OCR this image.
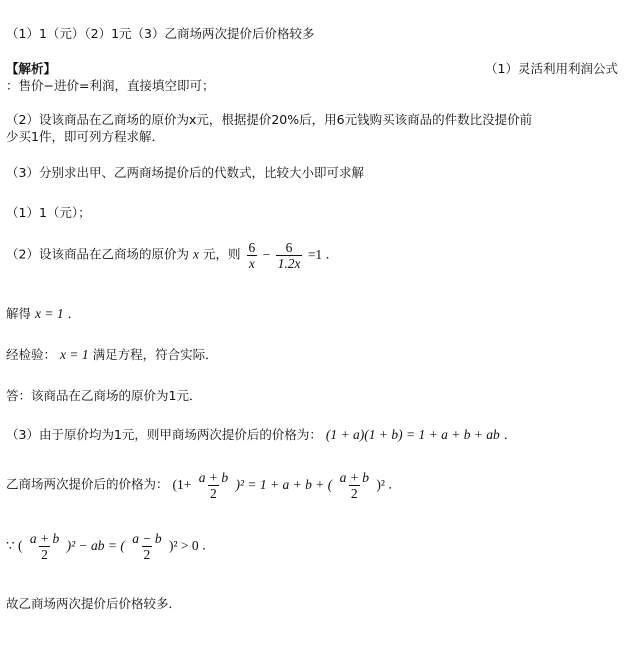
（1）1（元）（2）1元（3）乙商场两次提价后价格较多
【解析】	（1）灵活利用利润公式
：售价−进价=利润，直接填空即可；
（2）设该商品在乙商场的原价为x元，根据提价20%后，用6元钱购买该商品的件数比没提价前
少买1件，即可列方程求解．
（3）分别求出甲、乙两商场提价后的代数式，比较大小即可求解
（1）1（元）；
（2）设该商品在乙商场的原价为 x 元，则 $\frac{6}{x} - \frac{6}{1.2x} =1$ ．
解得 x = 1 ．
经检验： x = 1 满足方程，符合实际．
答：该商品在乙商场的原价为1元．
（3）由于原价均为1元，则甲商场两次提价后的价格为： (1 + a)(1 + b) = 1 + a + b + ab ．
乙商场两次提价后的价格为： $(1+ \frac{a + b}{2} )^2 = 1 + a + b$ + ( $\frac{a + b}{2} )^2$ ．
∵ ( $\frac{a + b}{2} )^2$ − ab = ( $\frac{a - b}{2} )^2 > 0$ ．
故乙商场两次提价后价格较多．
